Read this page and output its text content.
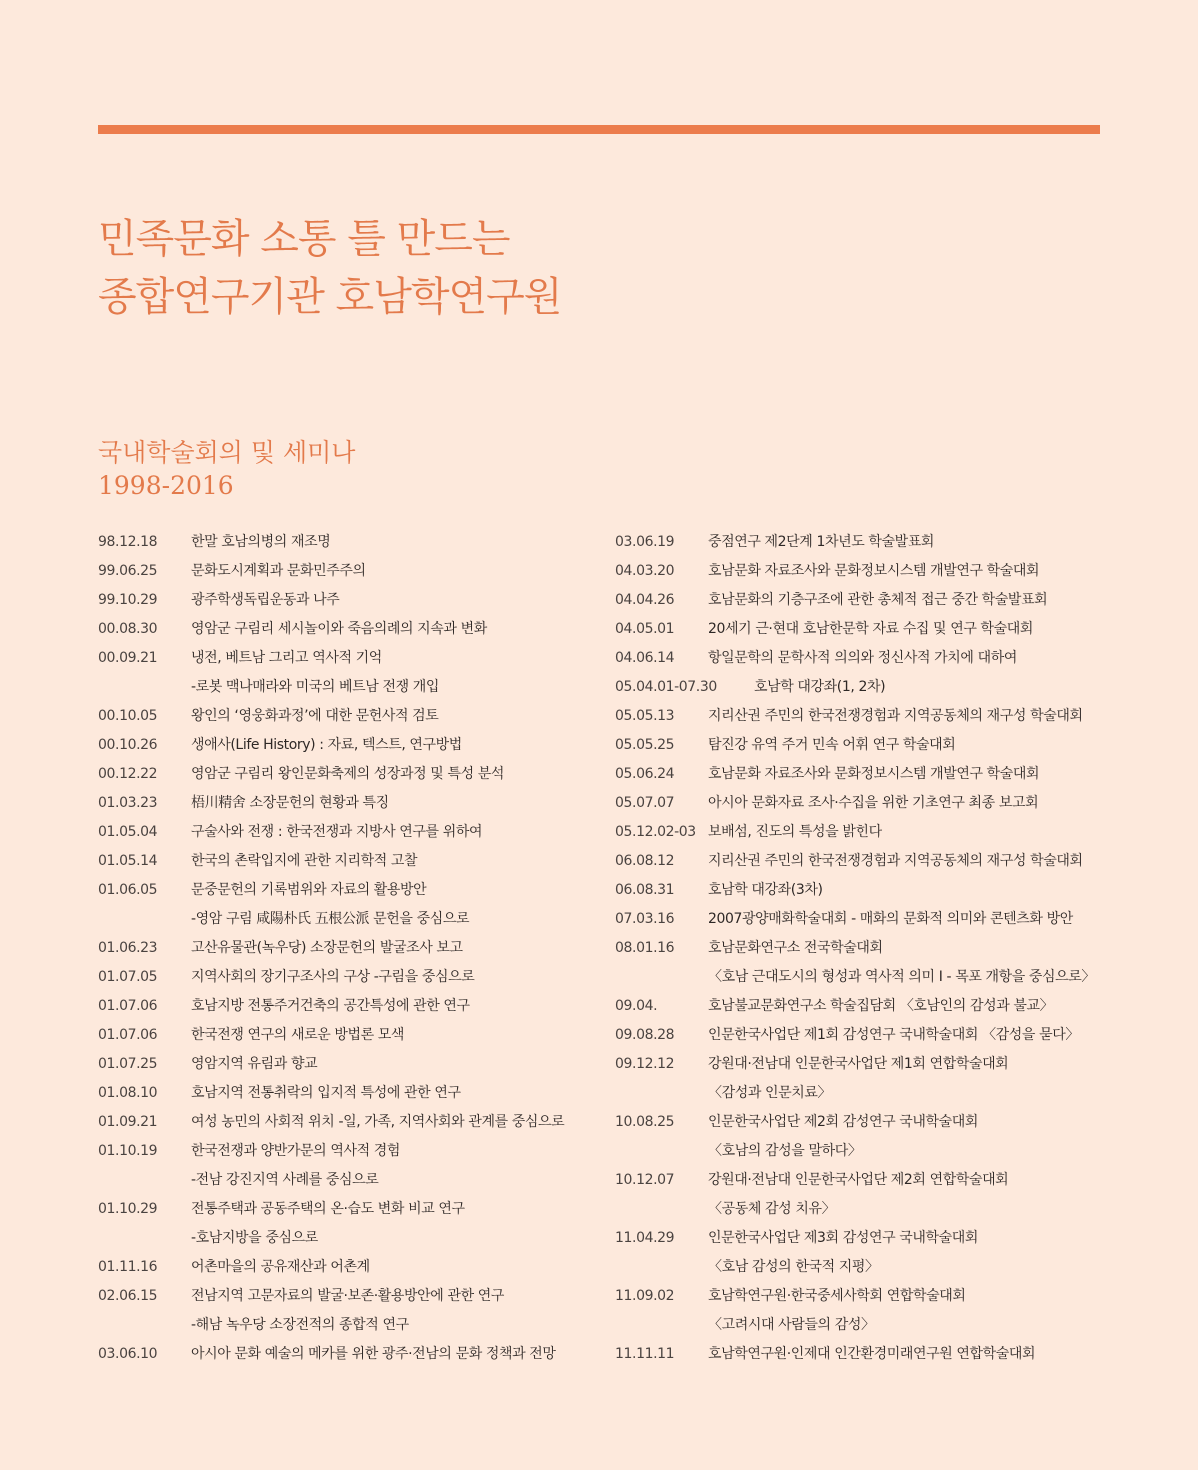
민족문화 소통 틀 만드는
종합연구기관 호남학연구원
국내학술회의 및 세미나
1998-2016
98.12.18 한말 호남의병의 재조명
99.06.25 문화도시계획과 문화민주주의
99.10.29 광주학생독립운동과 나주
00.08.30 영암군 구림리 세시놀이와 죽음의례의 지속과 변화
00.09.21 냉전, 베트남 그리고 역사적 기억
-로봇 맥나매라와 미국의 베트남 전쟁 개입
00.10.05 왕인의 ‘영웅화과정’에 대한 문헌사적 검토
00.10.26 생애사(Life History) : 자료, 텍스트, 연구방법
00.12.22 영암군 구림리 왕인문화축제의 성장과정 및 특성 분석
01.03.23 梧川精舍 소장문헌의 현황과 특징
01.05.04 구술사와 전쟁 : 한국전쟁과 지방사 연구를 위하여
01.05.14 한국의 촌락입지에 관한 지리학적 고찰
01.06.05 문중문헌의 기록범위와 자료의 활용방안
-영암 구림 咸陽朴氏 五根公派 문헌을 중심으로
01.06.23 고산유물관(녹우당) 소장문헌의 발굴조사 보고
01.07.05 지역사회의 장기구조사의 구상 -구림을 중심으로
01.07.06 호남지방 전통주거건축의 공간특성에 관한 연구
01.07.06 한국전쟁 연구의 새로운 방법론 모색
01.07.25 영암지역 유림과 향교
01.08.10 호남지역 전통취락의 입지적 특성에 관한 연구
01.09.21 여성 농민의 사회적 위치 -일, 가족, 지역사회와 관계를 중심으로
01.10.19 한국전쟁과 양반가문의 역사적 경험
-전남 강진지역 사례를 중심으로
01.10.29 전통주택과 공동주택의 온·습도 변화 비교 연구
-호남지방을 중심으로
01.11.16 어촌마을의 공유재산과 어촌계
02.06.15 전남지역 고문자료의 발굴·보존·활용방안에 관한 연구
-해남 녹우당 소장전적의 종합적 연구
03.06.10 아시아 문화 예술의 메카를 위한 광주·전남의 문화 정책과 전망
03.06.19 중점연구 제2단계 1차년도 학술발표회
04.03.20 호남문화 자료조사와 문화정보시스템 개발연구 학술대회
04.04.26 호남문화의 기층구조에 관한 총체적 접근 중간 학술발표회
04.05.01 20세기 근·현대 호남한문학 자료 수집 및 연구 학술대회
04.06.14 항일문학의 문학사적 의의와 정신사적 가치에 대하여
05.04.01-07.30	호남학 대강좌(1, 2차)
05.05.13 지리산권 주민의 한국전쟁경험과 지역공동체의 재구성 학술대회
05.05.25 탐진강 유역 주거 민속 어휘 연구 학술대회
05.06.24 호남문화 자료조사와 문화정보시스템 개발연구 학술대회
05.07.07 아시아 문화자료 조사·수집을 위한 기초연구 최종 보고회
05.12.02-03 보배섬, 진도의 특성을 밝힌다
06.08.12 지리산권 주민의 한국전쟁경험과 지역공동체의 재구성 학술대회
06.08.31 호남학 대강좌(3차)
07.03.16 2007광양매화학술대회 - 매화의 문화적 의미와 콘텐츠화 방안
08.01.16 호남문화연구소 전국학술대회
〈호남 근대도시의 형성과 역사적 의미 Ⅰ - 목포 개항을 중심으로〉
09.04.	호남불교문화연구소 학술집담회 〈호남인의 감성과 불교〉
09.08.28 인문한국사업단 제1회 감성연구 국내학술대회 〈감성을 묻다〉
09.12.12 강원대·전남대 인문한국사업단 제1회 연합학술대회
〈감성과 인문치료〉
10.08.25 인문한국사업단 제2회 감성연구 국내학술대회
〈호남의 감성을 말하다〉
10.12.07 강원대·전남대 인문한국사업단 제2회 연합학술대회
〈공동체 감성 치유〉
11.04.29 인문한국사업단 제3회 감성연구 국내학술대회
〈호남 감성의 한국적 지평〉
11.09.02 호남학연구원·한국중세사학회 연합학술대회
〈고려시대 사람들의 감성〉
11.11.11 호남학연구원·인제대 인간환경미래연구원 연합학술대회
